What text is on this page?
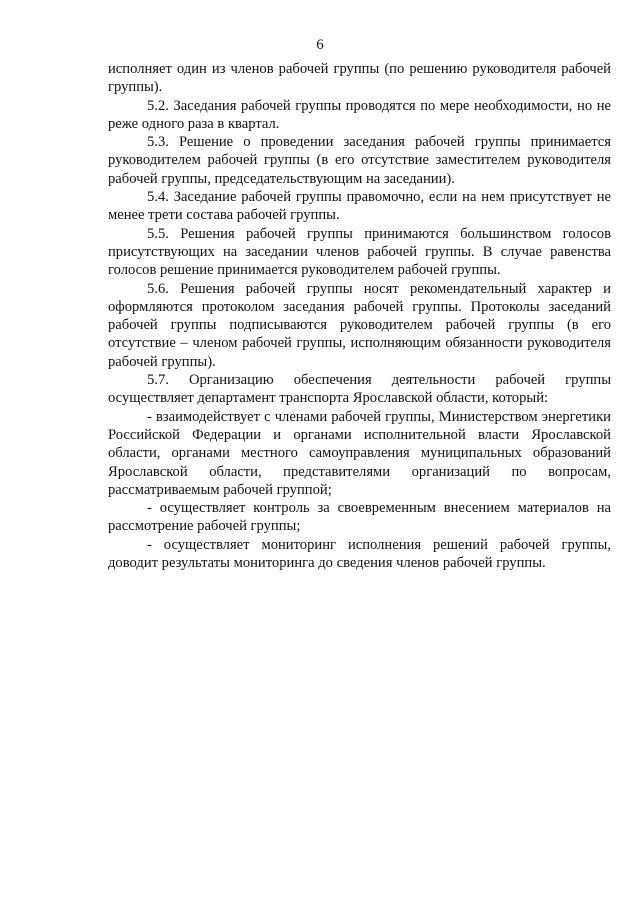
6

исполняет один из членов рабочей группы (по решению руководителя рабочей группы).

5.2. Заседания рабочей группы проводятся по мере необходимости, но не реже одного раза в квартал.

5.3. Решение о проведении заседания рабочей группы принимается руководителем рабочей группы (в его отсутствие заместителем руководителя рабочей группы, председательствующим на заседании).

5.4. Заседание рабочей группы правомочно, если на нем присутствует не менее трети состава рабочей группы.

5.5. Решения рабочей группы принимаются большинством голосов присутствующих на заседании членов рабочей группы. В случае равенства голосов решение принимается руководителем рабочей группы.

5.6. Решения рабочей группы носят рекомендательный характер и оформляются протоколом заседания рабочей группы. Протоколы заседаний рабочей группы подписываются руководителем рабочей группы (в его отсутствие – членом рабочей группы, исполняющим обязанности руководителя рабочей группы).

5.7. Организацию обеспечения деятельности рабочей группы осуществляет департамент транспорта Ярославской области, который:

- взаимодействует с членами рабочей группы, Министерством энергетики Российской Федерации и органами исполнительной власти Ярославской области, органами местного самоуправления муниципальных образований Ярославской области, представителями организаций по вопросам, рассматриваемым рабочей группой;

- осуществляет контроль за своевременным внесением материалов на рассмотрение рабочей группы;

- осуществляет мониторинг исполнения решений рабочей группы, доводит результаты мониторинга до сведения членов рабочей группы.
